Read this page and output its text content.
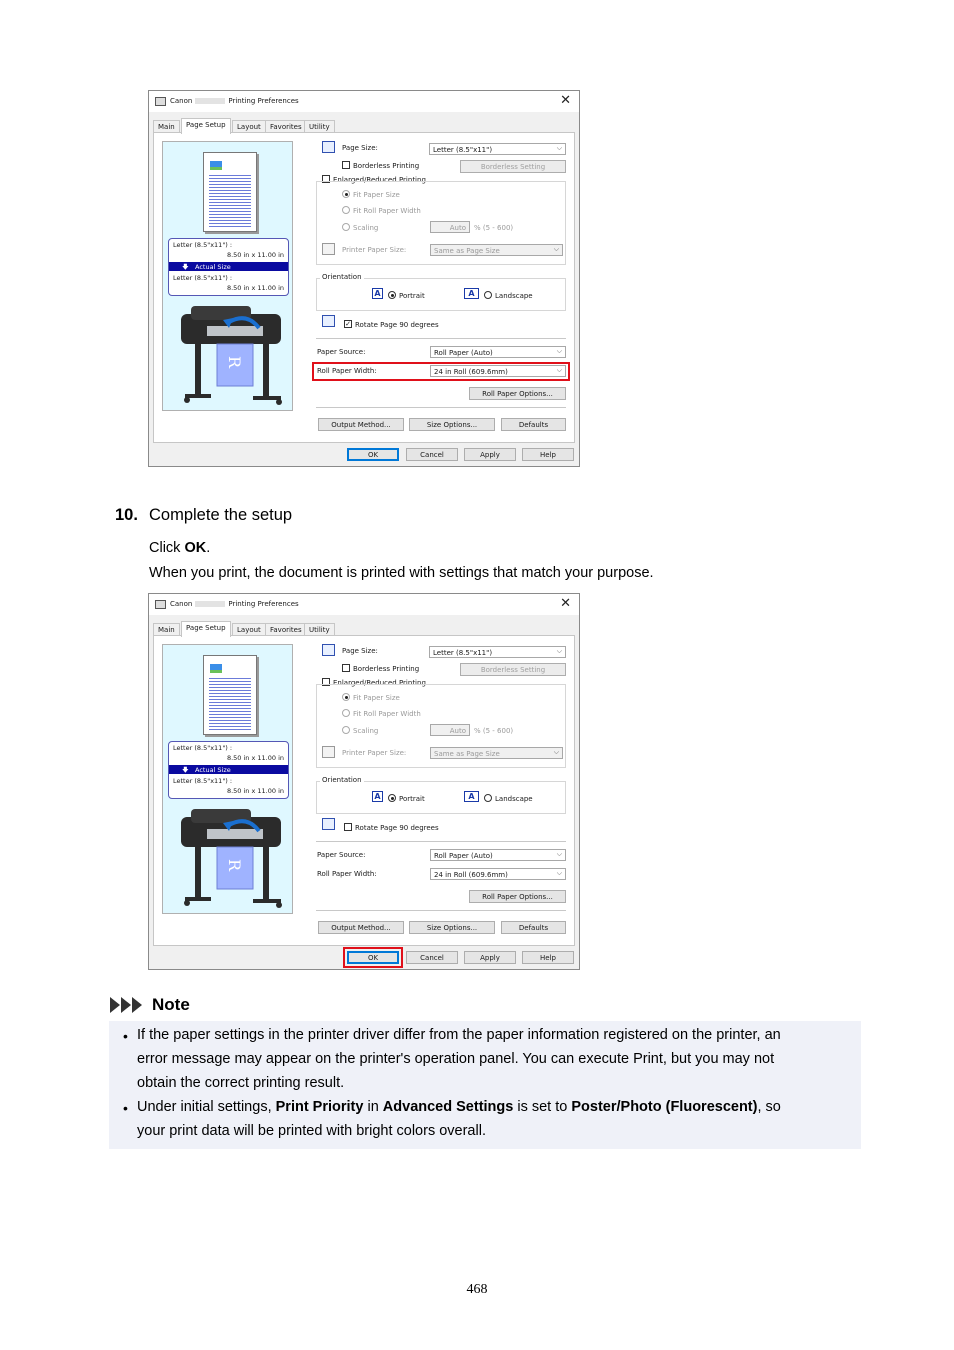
Canon	Printing Preferences	✕
Main	Page Setup	Layout	Favorites	Utility
Letter (8.5"x11") :
8.50 in x 11.00 in
🡇 Actual Size
Letter (8.5"x11") :
8.50 in x 11.00 in
R
Page Size:	Letter (8.5"x11")	⌵
Borderless Printing	Borderless Setting
Enlarged/Reduced Printing
Fit Paper Size
Fit Roll Paper Width
Scaling	Auto	% (5 - 600)
Printer Paper Size:	Same as Page Size	⌵
Orientation
A	Portrait	A	Landscape
✓ Rotate Page 90 degrees
Paper Source:	Roll Paper (Auto)	⌵
Roll Paper Width:	24 in Roll (609.6mm)	⌵
Roll Paper Options...
Output Method...	Size Options...	Defaults
OK	Cancel	Apply	Help
10. Complete the setup
Click OK.
When you print, the document is printed with settings that match your purpose.
Canon	Printing Preferences	✕
Main	Page Setup	Layout	Favorites	Utility
Letter (8.5"x11") :
8.50 in x 11.00 in
🡇 Actual Size
Letter (8.5"x11") :
8.50 in x 11.00 in
R
Page Size:	Letter (8.5"x11")	⌵
Borderless Printing	Borderless Setting
Enlarged/Reduced Printing
Fit Paper Size
Fit Roll Paper Width
Scaling	Auto	% (5 - 600)
Printer Paper Size:	Same as Page Size	⌵
Orientation
A	Portrait	A	Landscape
Rotate Page 90 degrees
Paper Source:	Roll Paper (Auto)	⌵
Roll Paper Width:	24 in Roll (609.6mm)	⌵
Roll Paper Options...
Output Method...	Size Options...	Defaults
OK	Cancel	Apply	Help
Note
• If the paper settings in the printer driver differ from the paper information registered on the printer, an
error message may appear on the printer's operation panel. You can execute Print, but you may not
obtain the correct printing result.
• Under initial settings, Print Priority in Advanced Settings is set to Poster/Photo (Fluorescent), so
your print data will be printed with bright colors overall.
468
